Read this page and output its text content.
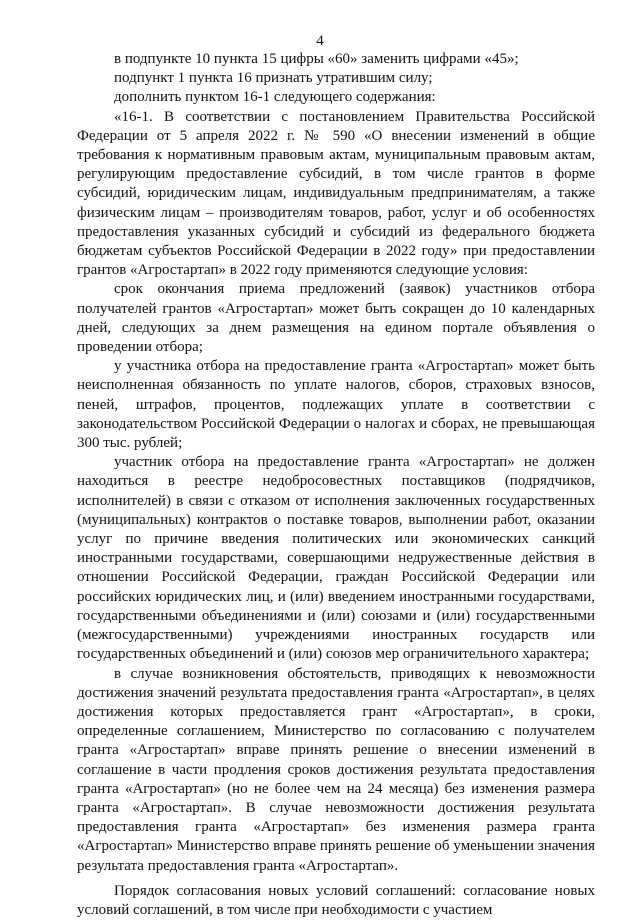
4

в подпункте 10 пункта 15 цифры «60» заменить цифрами «45»;

подпункт 1 пункта 16 признать утратившим силу;

дополнить пунктом 16-1 следующего содержания:

«16-1. В соответствии с постановлением Правительства Российской Федерации от 5 апреля 2022 г. № 590 «О внесении изменений в общие требования к нормативным правовым актам, муниципальным правовым актам, регулирующим предоставление субсидий, в том числе грантов в форме субсидий, юридическим лицам, индивидуальным предпринимателям, а также физическим лицам – производителям товаров, работ, услуг и об особенностях предоставления указанных субсидий и субсидий из федерального бюджета бюджетам субъектов Российской Федерации в 2022 году» при предоставлении грантов «Агростартап» в 2022 году применяются следующие условия:

срок окончания приема предложений (заявок) участников отбора получателей грантов «Агростартап» может быть сокращен до 10 календарных дней, следующих за днем размещения на едином портале объявления о проведении отбора;

у участника отбора на предоставление гранта «Агростартап» может быть неисполненная обязанность по уплате налогов, сборов, страховых взносов, пеней, штрафов, процентов, подлежащих уплате в соответствии с законодательством Российской Федерации о налогах и сборах, не превышающая 300 тыс. рублей;

участник отбора на предоставление гранта «Агростартап» не должен находиться в реестре недобросовестных поставщиков (подрядчиков, исполнителей) в связи с отказом от исполнения заключенных государственных (муниципальных) контрактов о поставке товаров, выполнении работ, оказании услуг по причине введения политических или экономических санкций иностранными государствами, совершающими недружественные действия в отношении Российской Федерации, граждан Российской Федерации или российских юридических лиц, и (или) введением иностранными государствами, государственными объединениями и (или) союзами и (или) государственными (межгосударственными) учреждениями иностранных государств или государственных объединений и (или) союзов мер ограничительного характера;

в случае возникновения обстоятельств, приводящих к невозможности достижения значений результата предоставления гранта «Агростартап», в целях достижения которых предоставляется грант «Агростартап», в сроки, определенные соглашением, Министерство по согласованию с получателем гранта «Агростартап» вправе принять решение о внесении изменений в соглашение в части продления сроков достижения результата предоставления гранта «Агростартап» (но не более чем на 24 месяца) без изменения размера гранта «Агростартап». В случае невозможности достижения результата предоставления гранта «Агростартап» без изменения размера гранта «Агростартап» Министерство вправе принять решение об уменьшении значения результата предоставления гранта «Агростартап».

Порядок согласования новых условий соглашений: согласование новых условий соглашений, в том числе при необходимости с участием
